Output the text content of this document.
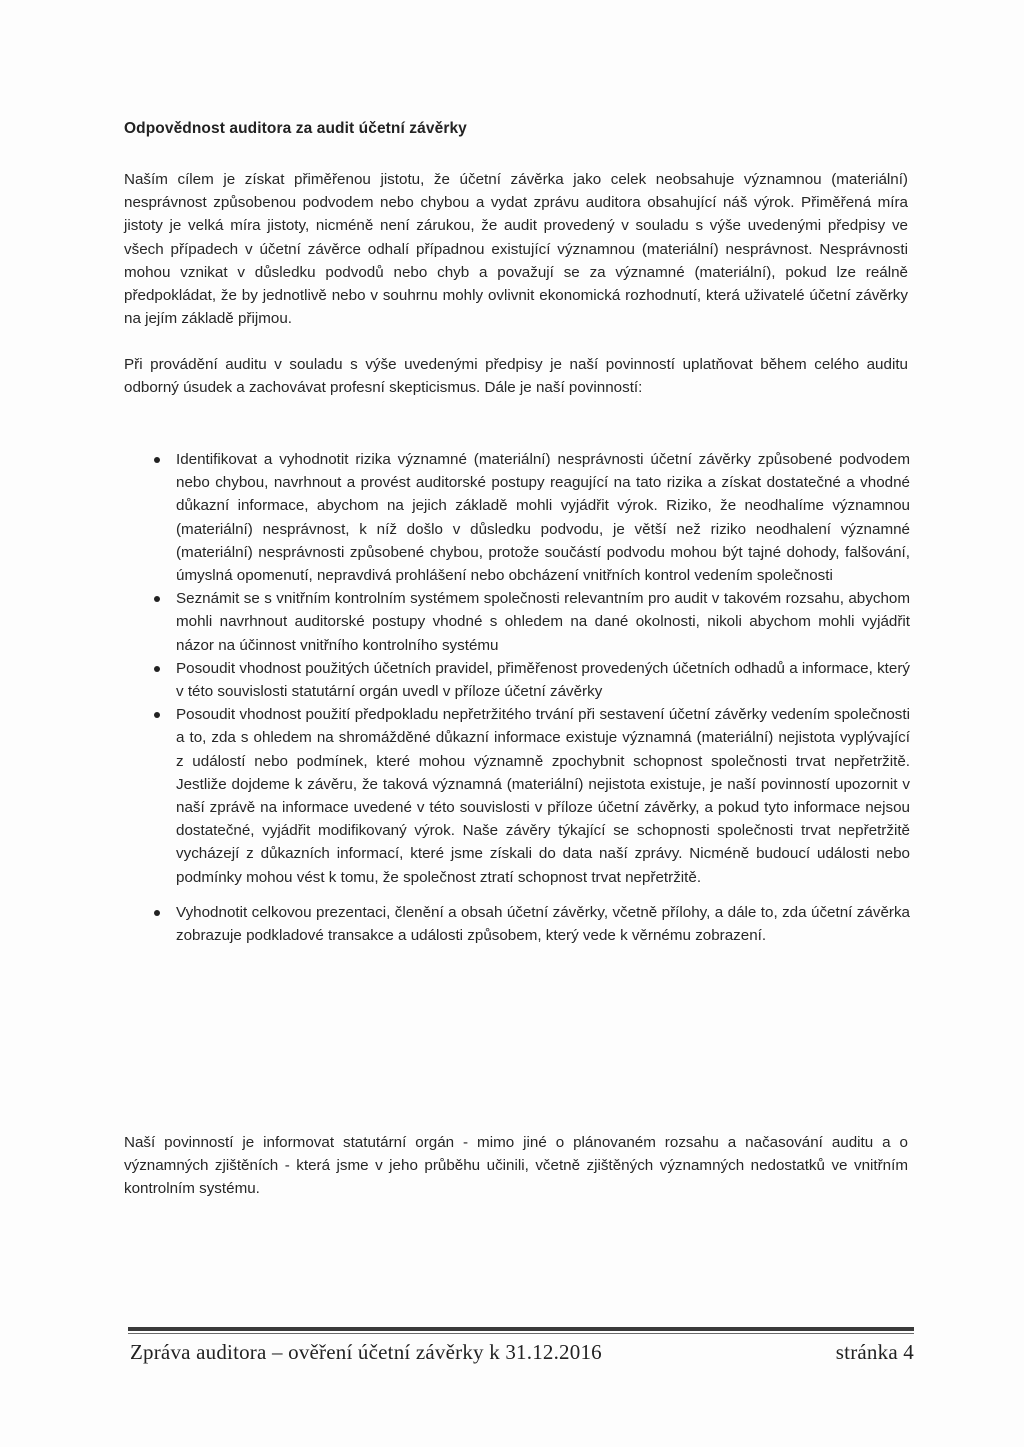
Odpovědnost auditora za audit účetní závěrky

Naším cílem je získat přiměřenou jistotu, že účetní závěrka jako celek neobsahuje významnou (materiální) nesprávnost způsobenou podvodem nebo chybou a vydat zprávu auditora obsahující náš výrok. Přiměřená míra jistoty je velká míra jistoty, nicméně není zárukou, že audit provedený v souladu s výše uvedenými předpisy ve všech případech v účetní závěrce odhalí případnou existující významnou (materiální) nesprávnost. Nesprávnosti mohou vznikat v důsledku podvodů nebo chyb a považují se za významné (materiální), pokud lze reálně předpokládat, že by jednotlivě nebo v souhrnu mohly ovlivnit ekonomická rozhodnutí, která uživatelé účetní závěrky na jejím základě přijmou.

Při provádění auditu v souladu s výše uvedenými předpisy je naší povinností uplatňovat během celého auditu odborný úsudek a zachovávat profesní skepticismus. Dále je naší povinností:

Identifikovat a vyhodnotit rizika významné (materiální) nesprávnosti účetní závěrky způsobené podvodem nebo chybou, navrhnout a provést auditorské postupy reagující na tato rizika a získat dostatečné a vhodné důkazní informace, abychom na jejich základě mohli vyjádřit výrok. Riziko, že neodhalíme významnou (materiální) nesprávnost, k níž došlo v důsledku podvodu, je větší než riziko neodhalení významné (materiální) nesprávnosti způsobené chybou, protože součástí podvodu mohou být tajné dohody, falšování, úmyslná opomenutí, nepravdivá prohlášení nebo obcházení vnitřních kontrol vedením společnosti
Seznámit se s vnitřním kontrolním systémem společnosti relevantním pro audit v takovém rozsahu, abychom mohli navrhnout auditorské postupy vhodné s ohledem na dané okolnosti, nikoli abychom mohli vyjádřit názor na účinnost vnitřního kontrolního systému
Posoudit vhodnost použitých účetních pravidel, přiměřenost provedených účetních odhadů a informace, který v této souvislosti statutární orgán uvedl v příloze účetní závěrky
Posoudit vhodnost použití předpokladu nepřetržitého trvání při sestavení účetní závěrky vedením společnosti a to, zda s ohledem na shromážděné důkazní informace existuje významná (materiální) nejistota vyplývající z událostí nebo podmínek, které mohou významně zpochybnit schopnost společnosti trvat nepřetržitě. Jestliže dojdeme k závěru, že taková významná (materiální) nejistota existuje, je naší povinností upozornit v naší zprávě na informace uvedené v této souvislosti v příloze účetní závěrky, a pokud tyto informace nejsou dostatečné, vyjádřit modifikovaný výrok. Naše závěry týkající se schopnosti společnosti trvat nepřetržitě vycházejí z důkazních informací, které jsme získali do data naší zprávy. Nicméně budoucí události nebo podmínky mohou vést k tomu, že společnost ztratí schopnost trvat nepřetržitě.
Vyhodnotit celkovou prezentaci, členění a obsah účetní závěrky, včetně přílohy, a dále to, zda účetní závěrka zobrazuje podkladové transakce a události způsobem, který vede k věrnému zobrazení.

Naší povinností je informovat statutární orgán - mimo jiné o plánovaném rozsahu a načasování auditu a o významných zjištěních - která jsme v jeho průběhu učinili, včetně zjištěných významných nedostatků ve vnitřním kontrolním systému.

Zpráva auditora – ověření účetní závěrky k 31.12.2016	stránka 4
